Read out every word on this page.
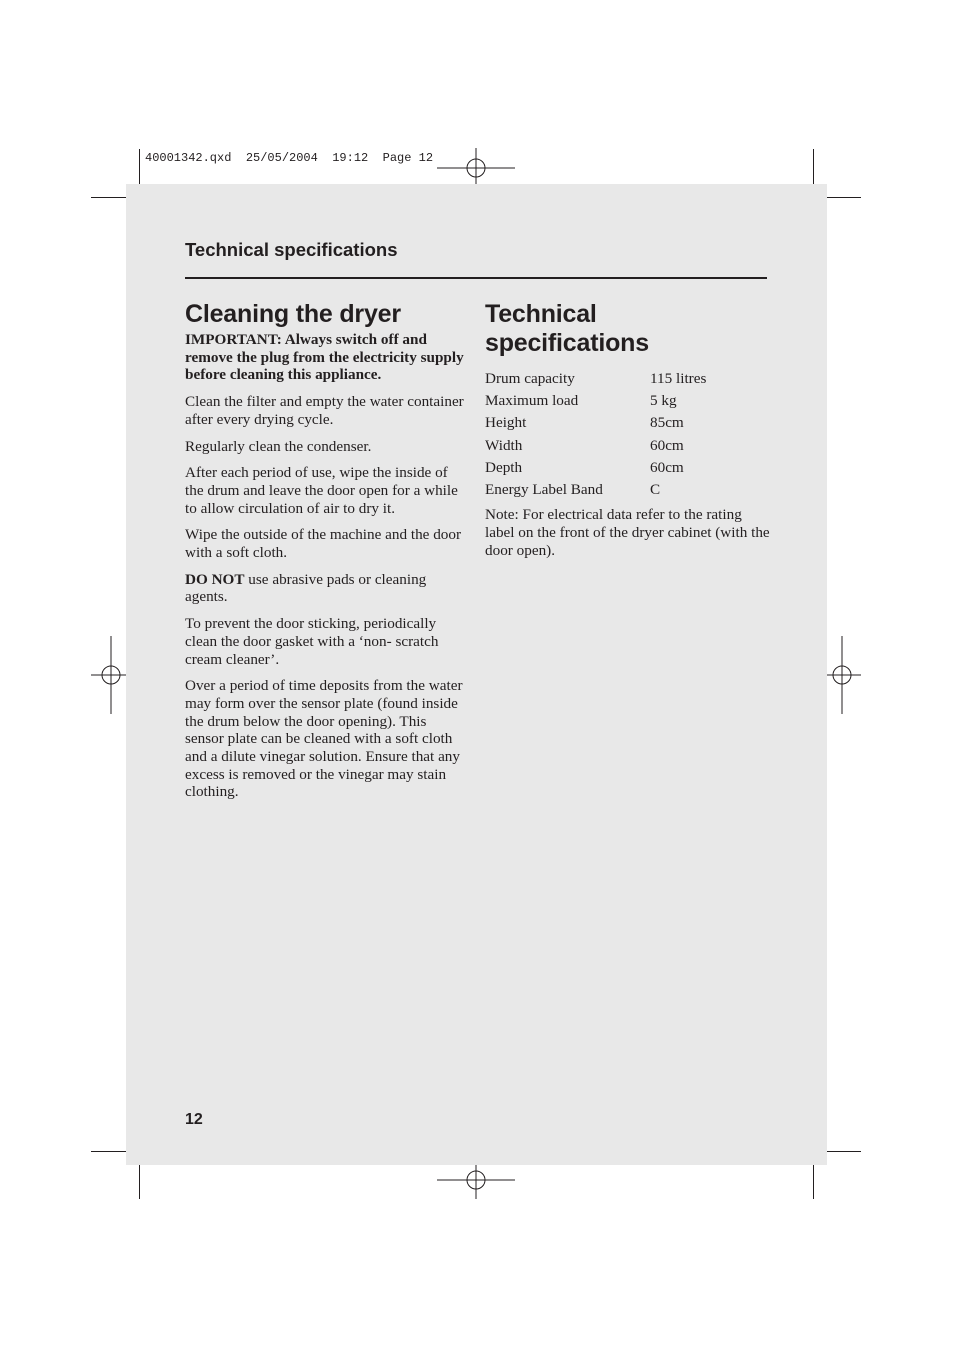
40001342.qxd  25/05/2004  19:12  Page 12
Technical specifications
Cleaning the dryer

IMPORTANT: Always switch off and remove the plug from the electricity supply before cleaning this appliance.

Clean the filter and empty the water container after every drying cycle.

Regularly clean the condenser.

After each period of use, wipe the inside of the drum and leave the door open for a while to allow circulation of air to dry it.

Wipe the outside of the machine and the door with a soft cloth.

DO NOT use abrasive pads or cleaning agents.

To prevent the door sticking, periodically clean the door gasket with a ‘non- scratch cream cleaner’.

Over a period of time deposits from the water may form over the sensor plate (found inside the drum below the door opening). This sensor plate can be cleaned with a soft cloth and a dilute vinegar solution. Ensure that any excess is removed or the vinegar may stain clothing.

Technical
specifications
Drum capacity	115 litres
Maximum load	5 kg
Height	85cm
Width	60cm
Depth	60cm
Energy Label Band	C

Note: For electrical data refer to the rating label on the front of the dryer cabinet (with the door open).

12
